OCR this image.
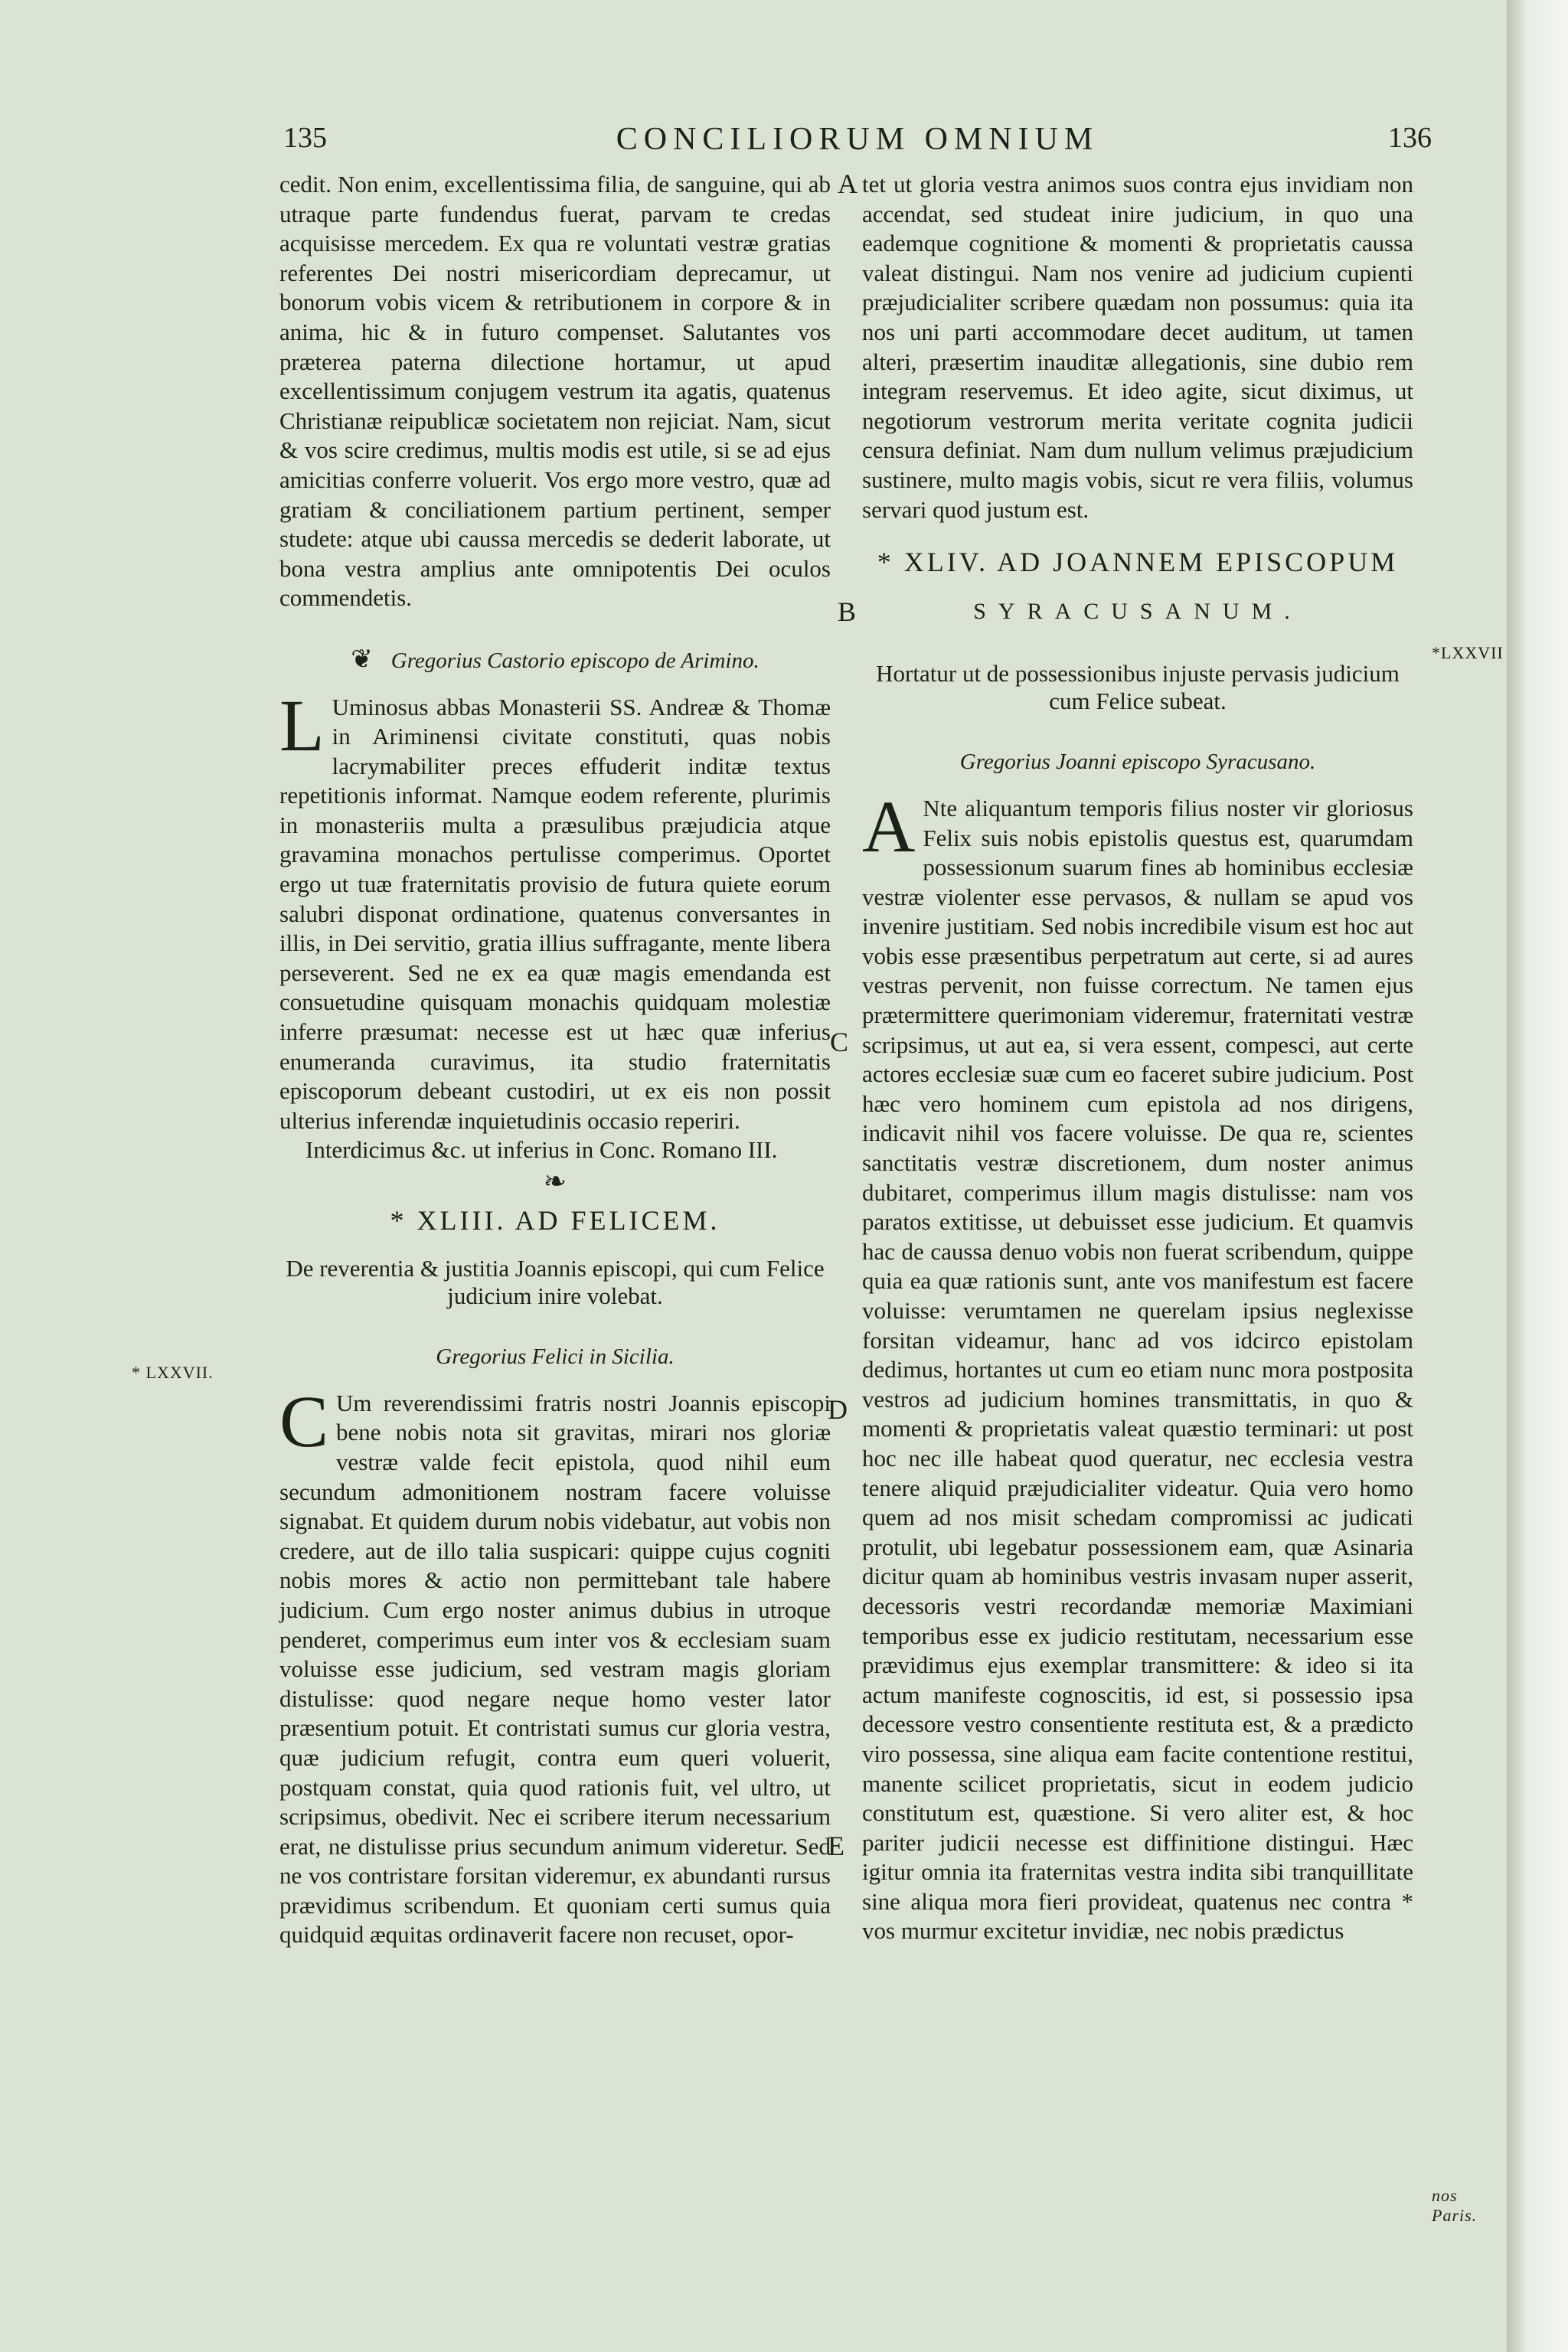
135	CONCILIORUM OMNIUM	136
A
B
C
D
E
* LXXVII.
*LXXVII
nos Paris.

cedit. Non enim, excellentissima filia, de sanguine, qui ab utraque parte fundendus fuerat, parvam te credas acquisisse mercedem. Ex qua re voluntati vestræ gratias referentes Dei nostri misericordiam deprecamur, ut bonorum vobis vicem & retributionem in corpore & in anima, hic & in futuro compenset. Salutantes vos præterea paterna dilectione hortamur, ut apud excellentissimum conjugem vestrum ita agatis, quatenus Christianæ reipublicæ societatem non rejiciat. Nam, sicut & vos scire credimus, multis modis est utile, si se ad ejus amicitias conferre voluerit. Vos ergo more vestro, quæ ad gratiam & conciliationem partium pertinent, semper studete: atque ubi caussa mercedis se dederit laborate, ut bona vestra amplius ante omnipotentis Dei oculos commendetis.

❦ Gregorius Castorio episcopo de Arimino.

L Uminosus abbas Monasterii SS. Andreæ & Thomæ in Ariminensi civitate constituti, quas nobis lacrymabiliter preces effuderit inditæ textus repetitionis informat. Namque eodem referente, plurimis in monasteriis multa a præsulibus præjudicia atque gravamina monachos pertulisse comperimus. Oportet ergo ut tuæ fraternitatis provisio de futura quiete eorum salubri disponat ordinatione, quatenus conversantes in illis, in Dei servitio, gratia illius suffragante, mente libera perseverent. Sed ne ex ea quæ magis emendanda est consuetudine quisquam monachis quidquam molestiæ inferre præsumat: necesse est ut hæc quæ inferius enumeranda curavimus, ita studio fraternitatis episcoporum debeant custodiri, ut ex eis non possit ulterius inferendæ inquietudinis occasio reperiri.

Interdicimus &c. ut inferius in Conc. Romano III.

❧

* XLIII. AD FELICEM.

De reverentia & justitia Joannis episcopi, qui cum Felice judicium inire volebat.

Gregorius Felici in Sicilia.

C Um reverendissimi fratris nostri Joannis episcopi bene nobis nota sit gravitas, mirari nos gloriæ vestræ valde fecit epistola, quod nihil eum secundum admonitionem nostram facere voluisse signabat. Et quidem durum nobis videbatur, aut vobis non credere, aut de illo talia suspicari: quippe cujus cogniti nobis mores & actio non permittebant tale habere judicium. Cum ergo noster animus dubius in utroque penderet, comperimus eum inter vos & ecclesiam suam voluisse esse judicium, sed vestram magis gloriam distulisse: quod negare neque homo vester lator præsentium potuit. Et contristati sumus cur gloria vestra, quæ judicium refugit, contra eum queri voluerit, postquam constat, quia quod rationis fuit, vel ultro, ut scripsimus, obedivit. Nec ei scribere iterum necessarium erat, ne distulisse prius secundum animum videretur. Sed ne vos contristare forsitan videremur, ex abundanti rursus prævidimus scribendum. Et quoniam certi sumus quia quidquid æquitas ordinaverit facere non recuset, opor-

tet ut gloria vestra animos suos contra ejus invidiam non accendat, sed studeat inire judicium, in quo una eademque cognitione & momenti & proprietatis caussa valeat distingui. Nam nos venire ad judicium cupienti præjudicialiter scribere quædam non possumus: quia ita nos uni parti accommodare decet auditum, ut tamen alteri, præsertim inauditæ allegationis, sine dubio rem integram reservemus. Et ideo agite, sicut diximus, ut negotiorum vestrorum merita veritate cognita judicii censura definiat. Nam dum nullum velimus præjudicium sustinere, multo magis vobis, sicut re vera filiis, volumus servari quod justum est.

* XLIV. AD JOANNEM EPISCOPUM

SYRACUSANUM.

Hortatur ut de possessionibus injuste pervasis judicium cum Felice subeat.

Gregorius Joanni episcopo Syracusano.

A Nte aliquantum temporis filius noster vir gloriosus Felix suis nobis epistolis questus est, quarumdam possessionum suarum fines ab hominibus ecclesiæ vestræ violenter esse pervasos, & nullam se apud vos invenire justitiam. Sed nobis incredibile visum est hoc aut vobis esse præsentibus perpetratum aut certe, si ad aures vestras pervenit, non fuisse correctum. Ne tamen ejus prætermittere querimoniam videremur, fraternitati vestræ scripsimus, ut aut ea, si vera essent, compesci, aut certe actores ecclesiæ suæ cum eo faceret subire judicium. Post hæc vero hominem cum epistola ad nos dirigens, indicavit nihil vos facere voluisse. De qua re, scientes sanctitatis vestræ discretionem, dum noster animus dubitaret, comperimus illum magis distulisse: nam vos paratos extitisse, ut debuisset esse judicium. Et quamvis hac de caussa denuo vobis non fuerat scribendum, quippe quia ea quæ rationis sunt, ante vos manifestum est facere voluisse: verumtamen ne querelam ipsius neglexisse forsitan videamur, hanc ad vos idcirco epistolam dedimus, hortantes ut cum eo etiam nunc mora postposita vestros ad judicium homines transmittatis, in quo & momenti & proprietatis valeat quæstio terminari: ut post hoc nec ille habeat quod queratur, nec ecclesia vestra tenere aliquid præjudicialiter videatur. Quia vero homo quem ad nos misit schedam compromissi ac judicati protulit, ubi legebatur possessionem eam, quæ Asinaria dicitur quam ab hominibus vestris invasam nuper asserit, decessoris vestri recordandæ memoriæ Maximiani temporibus esse ex judicio restitutam, necessarium esse prævidimus ejus exemplar transmittere: & ideo si ita actum manifeste cognoscitis, id est, si possessio ipsa decessore vestro consentiente restituta est, & a prædicto viro possessa, sine aliqua eam facite contentione restitui, manente scilicet proprietatis, sicut in eodem judicio constitutum est, quæstione. Si vero aliter est, & hoc pariter judicii necesse est diffinitione distingui. Hæc igitur omnia ita fraternitas vestra indita sibi tranquillitate sine aliqua mora fieri provideat, quatenus nec contra * vos murmur excitetur invidiæ, nec nobis prædictus
